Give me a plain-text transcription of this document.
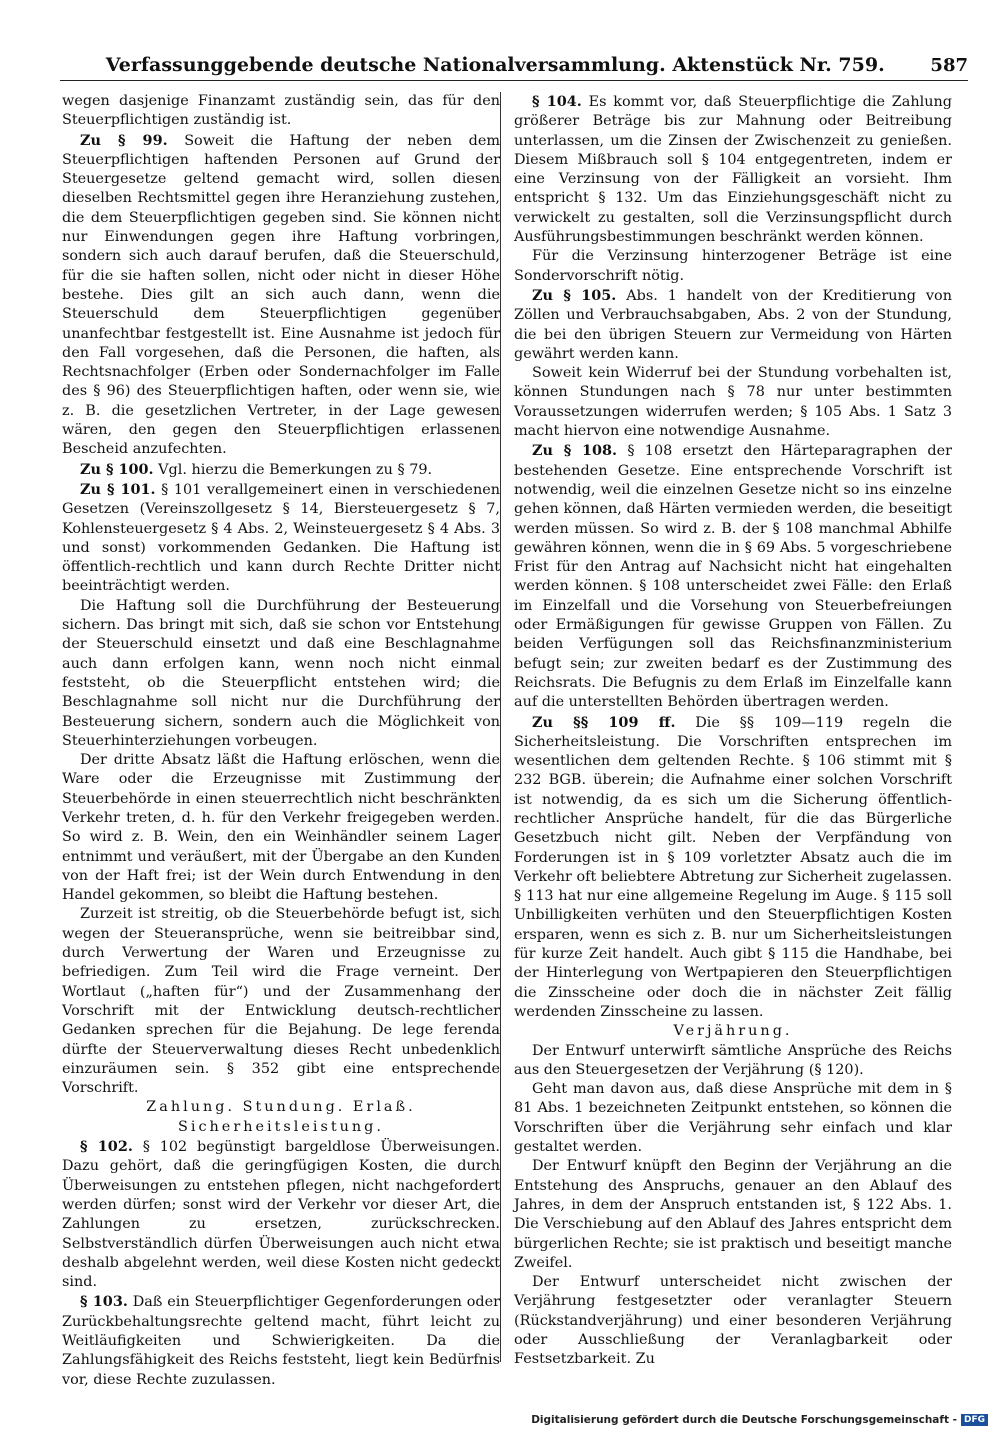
Verfassunggebende deutsche Nationalversammlung. Aktenstück Nr. 759.	587

wegen dasjenige Finanzamt zuständig sein, das für den Steuerpflichtigen zuständig ist.

Zu § 99. Soweit die Haftung der neben dem Steuerpflichtigen haftenden Personen auf Grund der Steuergesetze geltend gemacht wird, sollen diesen dieselben Rechtsmittel gegen ihre Heranziehung zustehen, die dem Steuerpflichtigen gegeben sind. Sie können nicht nur Einwendungen gegen ihre Haftung vorbringen, sondern sich auch darauf berufen, daß die Steuerschuld, für die sie haften sollen, nicht oder nicht in dieser Höhe bestehe. Dies gilt an sich auch dann, wenn die Steuerschuld dem Steuerpflichtigen gegenüber unanfechtbar festgestellt ist. Eine Ausnahme ist jedoch für den Fall vorgesehen, daß die Personen, die haften, als Rechtsnachfolger (Erben oder Sondernachfolger im Falle des § 96) des Steuerpflichtigen haften, oder wenn sie, wie z. B. die gesetzlichen Vertreter, in der Lage gewesen wären, den gegen den Steuerpflichtigen erlassenen Bescheid anzufechten.

Zu § 100. Vgl. hierzu die Bemerkungen zu § 79.

Zu § 101. § 101 verallgemeinert einen in verschiedenen Gesetzen (Vereinszollgesetz § 14, Biersteuergesetz § 7, Kohlensteuergesetz § 4 Abs. 2, Weinsteuergesetz § 4 Abs. 3 und sonst) vorkommenden Gedanken. Die Haftung ist öffentlich-rechtlich und kann durch Rechte Dritter nicht beeinträchtigt werden.

Die Haftung soll die Durchführung der Besteuerung sichern. Das bringt mit sich, daß sie schon vor Entstehung der Steuerschuld einsetzt und daß eine Beschlagnahme auch dann erfolgen kann, wenn noch nicht einmal feststeht, ob die Steuerpflicht entstehen wird; die Beschlagnahme soll nicht nur die Durchführung der Besteuerung sichern, sondern auch die Möglichkeit von Steuerhinterziehungen vorbeugen.

Der dritte Absatz läßt die Haftung erlöschen, wenn die Ware oder die Erzeugnisse mit Zustimmung der Steuerbehörde in einen steuerrechtlich nicht beschränkten Verkehr treten, d. h. für den Verkehr freigegeben werden. So wird z. B. Wein, den ein Weinhändler seinem Lager entnimmt und veräußert, mit der Übergabe an den Kunden von der Haft frei; ist der Wein durch Entwendung in den Handel gekommen, so bleibt die Haftung bestehen.

Zurzeit ist streitig, ob die Steuerbehörde befugt ist, sich wegen der Steueransprüche, wenn sie beitreibbar sind, durch Verwertung der Waren und Erzeugnisse zu befriedigen. Zum Teil wird die Frage verneint. Der Wortlaut („haften für“) und der Zusammenhang der Vorschrift mit der Entwicklung deutsch-rechtlicher Gedanken sprechen für die Bejahung. De lege ferenda dürfte der Steuerverwaltung dieses Recht unbedenklich einzuräumen sein. § 352 gibt eine entsprechende Vorschrift.

Zahlung. Stundung. Erlaß. Sicherheitsleistung.

§ 102. § 102 begünstigt bargeldlose Überweisungen. Dazu gehört, daß die geringfügigen Kosten, die durch Überweisungen zu entstehen pflegen, nicht nachgefordert werden dürfen; sonst wird der Verkehr vor dieser Art, die Zahlungen zu ersetzen, zurückschrecken. Selbstverständlich dürfen Überweisungen auch nicht etwa deshalb abgelehnt werden, weil diese Kosten nicht gedeckt sind.

§ 103. Daß ein Steuerpflichtiger Gegenforderungen oder Zurückbehaltungsrechte geltend macht, führt leicht zu Weitläufigkeiten und Schwierigkeiten. Da die Zahlungsfähigkeit des Reichs feststeht, liegt kein Bedürfnis vor, diese Rechte zuzulassen.

§ 104. Es kommt vor, daß Steuerpflichtige die Zahlung größerer Beträge bis zur Mahnung oder Beitreibung unterlassen, um die Zinsen der Zwischenzeit zu genießen. Diesem Mißbrauch soll § 104 entgegentreten, indem er eine Verzinsung von der Fälligkeit an vorsieht. Ihm entspricht § 132. Um das Einziehungsgeschäft nicht zu verwickelt zu gestalten, soll die Verzinsungspflicht durch Ausführungsbestimmungen beschränkt werden können.

Für die Verzinsung hinterzogener Beträge ist eine Sondervorschrift nötig.

Zu § 105. Abs. 1 handelt von der Kreditierung von Zöllen und Verbrauchsabgaben, Abs. 2 von der Stundung, die bei den übrigen Steuern zur Vermeidung von Härten gewährt werden kann.

Soweit kein Widerruf bei der Stundung vorbehalten ist, können Stundungen nach § 78 nur unter bestimmten Voraussetzungen widerrufen werden; § 105 Abs. 1 Satz 3 macht hiervon eine notwendige Ausnahme.

Zu § 108. § 108 ersetzt den Härteparagraphen der bestehenden Gesetze. Eine entsprechende Vorschrift ist notwendig, weil die einzelnen Gesetze nicht so ins einzelne gehen können, daß Härten vermieden werden, die beseitigt werden müssen. So wird z. B. der § 108 manchmal Abhilfe gewähren können, wenn die in § 69 Abs. 5 vorgeschriebene Frist für den Antrag auf Nachsicht nicht hat eingehalten werden können. § 108 unterscheidet zwei Fälle: den Erlaß im Einzelfall und die Vorsehung von Steuerbefreiungen oder Ermäßigungen für gewisse Gruppen von Fällen. Zu beiden Verfügungen soll das Reichsfinanzministerium befugt sein; zur zweiten bedarf es der Zustimmung des Reichsrats. Die Befugnis zu dem Erlaß im Einzelfalle kann auf die unterstellten Behörden übertragen werden.

Zu §§ 109 ff. Die §§ 109—119 regeln die Sicherheitsleistung. Die Vorschriften entsprechen im wesentlichen dem geltenden Rechte. § 106 stimmt mit § 232 BGB. überein; die Aufnahme einer solchen Vorschrift ist notwendig, da es sich um die Sicherung öffentlich-rechtlicher Ansprüche handelt, für die das Bürgerliche Gesetzbuch nicht gilt. Neben der Verpfändung von Forderungen ist in § 109 vorletzter Absatz auch die im Verkehr oft beliebtere Abtretung zur Sicherheit zugelassen. § 113 hat nur eine allgemeine Regelung im Auge. § 115 soll Unbilligkeiten verhüten und den Steuerpflichtigen Kosten ersparen, wenn es sich z. B. nur um Sicherheitsleistungen für kurze Zeit handelt. Auch gibt § 115 die Handhabe, bei der Hinterlegung von Wertpapieren den Steuerpflichtigen die Zinsscheine oder doch die in nächster Zeit fällig werdenden Zinsscheine zu lassen.

Verjährung.

Der Entwurf unterwirft sämtliche Ansprüche des Reichs aus den Steuergesetzen der Verjährung (§ 120).

Geht man davon aus, daß diese Ansprüche mit dem in § 81 Abs. 1 bezeichneten Zeitpunkt entstehen, so können die Vorschriften über die Verjährung sehr einfach und klar gestaltet werden.

Der Entwurf knüpft den Beginn der Verjährung an die Entstehung des Anspruchs, genauer an den Ablauf des Jahres, in dem der Anspruch entstanden ist, § 122 Abs. 1. Die Verschiebung auf den Ablauf des Jahres entspricht dem bürgerlichen Rechte; sie ist praktisch und beseitigt manche Zweifel.

Der Entwurf unterscheidet nicht zwischen der Verjährung festgesetzter oder veranlagter Steuern (Rückstandverjährung) und einer besonderen Verjährung oder Ausschließung der Veranlagbarkeit oder Festsetzbarkeit. Zu

Digitalisierung gefördert durch die Deutsche Forschungsgemeinschaft - DFG
